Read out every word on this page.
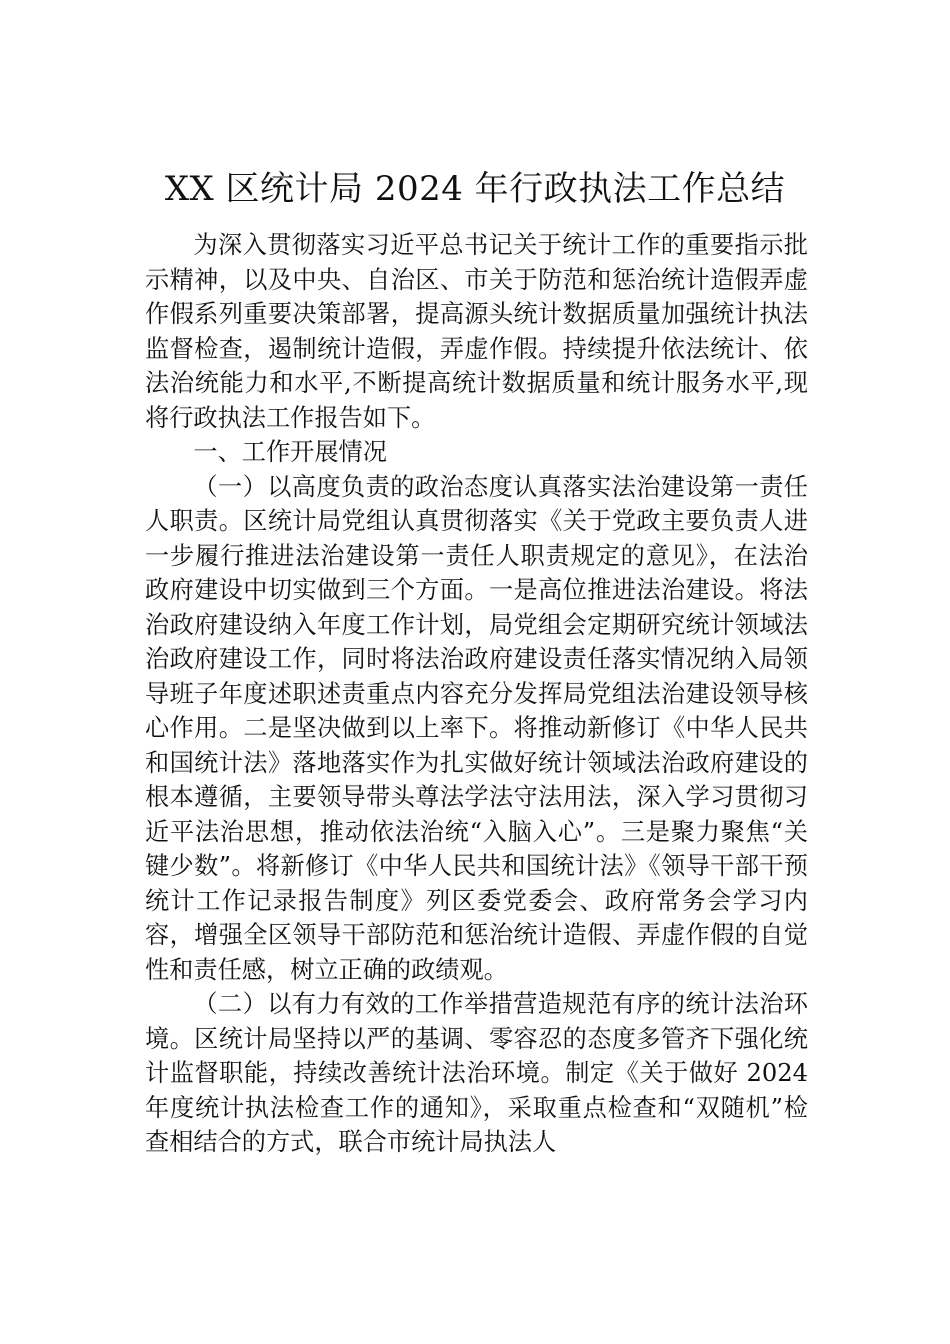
XX 区统计局 2024 年行政执法工作总结

为深入贯彻落实习近平总书记关于统计工作的重要指示批示精神，以及中央、自治区、市关于防范和惩治统计造假弄虚作假系列重要决策部署，提高源头统计数据质量加强统计执法监督检查，遏制统计造假，弄虚作假。持续提升依法统计、依法治统能力和水平,不断提高统计数据质量和统计服务水平,现将行政执法工作报告如下。

一、工作开展情况

（一）以高度负责的政治态度认真落实法治建设第一责任人职责。区统计局党组认真贯彻落实《关于党政主要负责人进一步履行推进法治建设第一责任人职责规定的意见》，在法治政府建设中切实做到三个方面。一是高位推进法治建设。将法治政府建设纳入年度工作计划，局党组会定期研究统计领域法治政府建设工作，同时将法治政府建设责任落实情况纳入局领导班子年度述职述责重点内容充分发挥局党组法治建设领导核心作用。二是坚决做到以上率下。将推动新修订《中华人民共和国统计法》落地落实作为扎实做好统计领域法治政府建设的根本遵循，主要领导带头尊法学法守法用法，深入学习贯彻习近平法治思想，推动依法治统“入脑入心”。三是聚力聚焦“关键少数”。将新修订《中华人民共和国统计法》《领导干部干预统计工作记录报告制度》列区委党委会、政府常务会学习内容，增强全区领导干部防范和惩治统计造假、弄虚作假的自觉性和责任感，树立正确的政绩观。

（二）以有力有效的工作举措营造规范有序的统计法治环境。区统计局坚持以严的基调、零容忍的态度多管齐下强化统计监督职能，持续改善统计法治环境。制定《关于做好 2024 年度统计执法检查工作的通知》，采取重点检查和“双随机”检查相结合的方式，联合市统计局执法人
